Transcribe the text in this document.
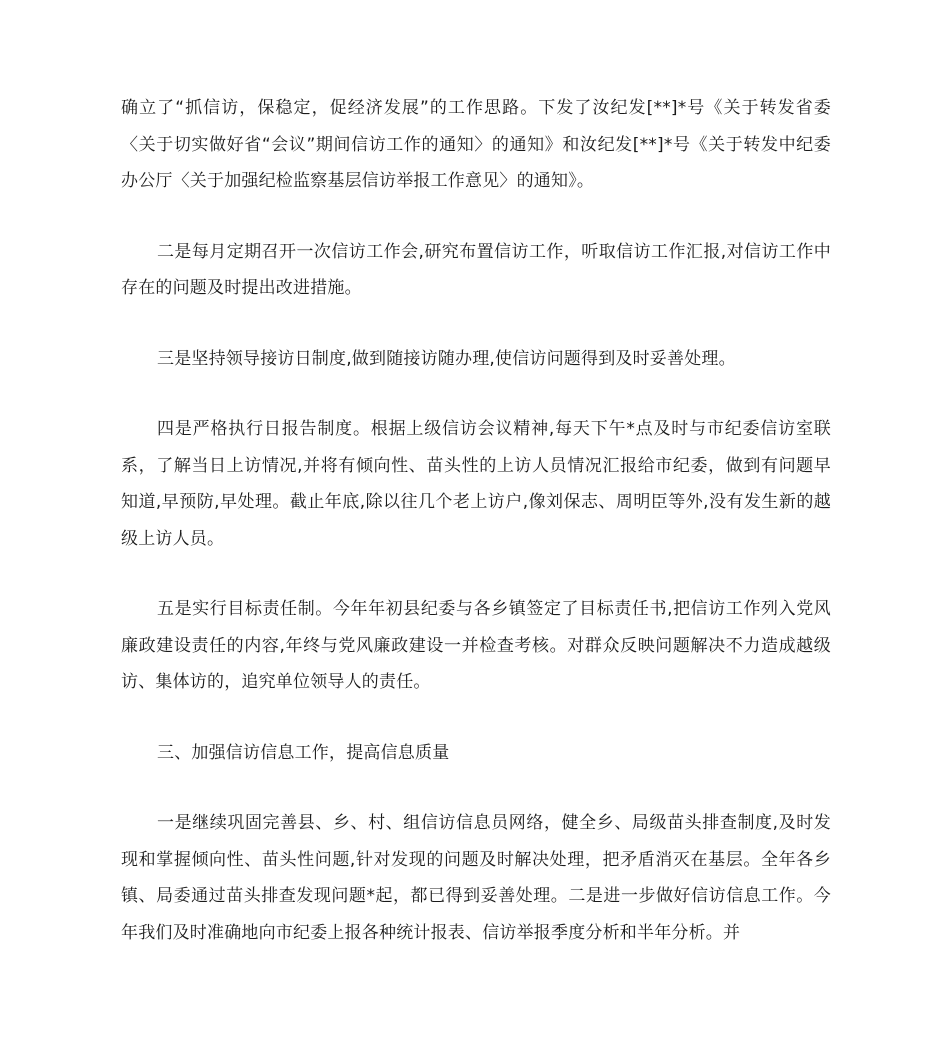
确立了“抓信访，保稳定，促经济发展”的工作思路。下发了汝纪发[**]*号《关于转发省委〈关于切实做好省“会议”期间信访工作的通知〉的通知》和汝纪发[**]*号《关于转发中纪委办公厅〈关于加强纪检监察基层信访举报工作意见〉的通知》。

二是每月定期召开一次信访工作会,研究布置信访工作，听取信访工作汇报,对信访工作中存在的问题及时提出改进措施。

三是坚持领导接访日制度,做到随接访随办理,使信访问题得到及时妥善处理。

四是严格执行日报告制度。根据上级信访会议精神,每天下午*点及时与市纪委信访室联系，了解当日上访情况,并将有倾向性、苗头性的上访人员情况汇报给市纪委，做到有问题早知道,早预防,早处理。截止年底,除以往几个老上访户,像刘保志、周明臣等外,没有发生新的越级上访人员。

五是实行目标责任制。今年年初县纪委与各乡镇签定了目标责任书,把信访工作列入党风廉政建设责任的内容,年终与党风廉政建设一并检查考核。对群众反映问题解决不力造成越级访、集体访的，追究单位领导人的责任。

三、加强信访信息工作，提高信息质量

一是继续巩固完善县、乡、村、组信访信息员网络，健全乡、局级苗头排查制度,及时发现和掌握倾向性、苗头性问题,针对发现的问题及时解决处理，把矛盾消灭在基层。全年各乡镇、局委通过苗头排查发现问题*起，都已得到妥善处理。二是进一步做好信访信息工作。今年我们及时准确地向市纪委上报各种统计报表、信访举报季度分析和半年分析。并
